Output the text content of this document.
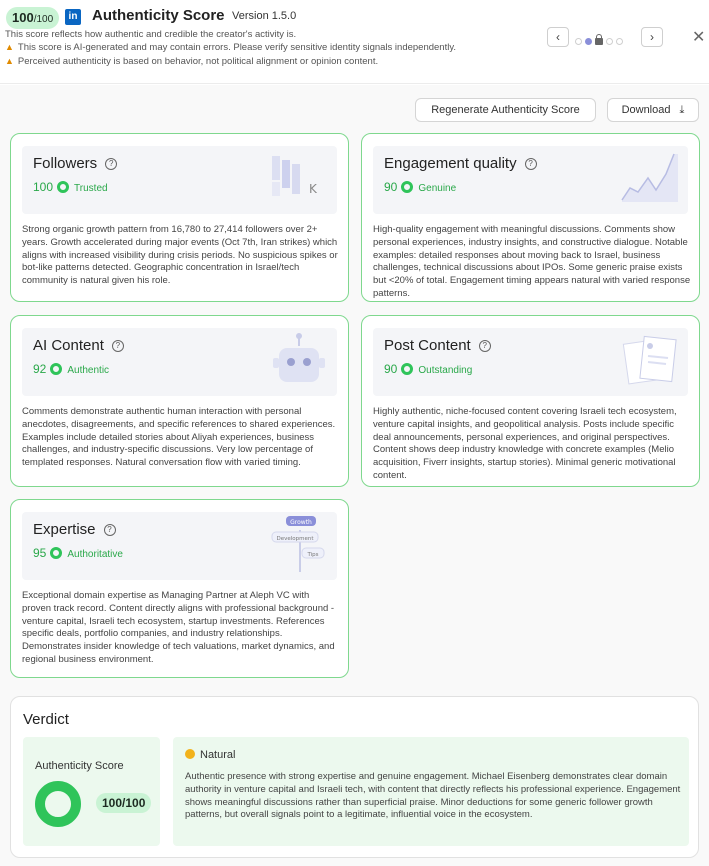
100/100	in Authenticity Score Version 1.5.0
This score reflects how authentic and credible the creator's activity is.
▲ This score is AI-generated and may contain errors. Please verify sensitive identity signals independently.
▲ Perceived authenticity is based on behavior, not political alignment or opinion content.
‹	›	✕
Regenerate Authenticity Score	Download ⤓
Followers ?
100 Trusted	K
Strong organic growth pattern from 16,780 to 27,414 followers over 2+ years. Growth accelerated during major events (Oct 7th, Iran strikes) which aligns with increased visibility during crisis periods. No suspicious spikes or bot-like patterns detected. Geographic concentration in Israel/tech community is natural given his role.
Engagement quality ?
90 Genuine
High-quality engagement with meaningful discussions. Comments show personal experiences, industry insights, and constructive dialogue. Notable examples: detailed responses about moving back to Israel, business challenges, technical discussions about IPOs. Some generic praise exists but <20% of total. Engagement timing appears natural with varied response patterns.
AI Content ?
92 Authentic
Comments demonstrate authentic human interaction with personal anecdotes, disagreements, and specific references to shared experiences. Examples include detailed stories about Aliyah experiences, business challenges, and industry-specific discussions. Very low percentage of templated responses. Natural conversation flow with varied timing.
Post Content ?
90 Outstanding
Highly authentic, niche-focused content covering Israeli tech ecosystem, venture capital insights, and geopolitical analysis. Posts include specific deal announcements, personal experiences, and original perspectives. Content shows deep industry knowledge with concrete examples (Melio acquisition, Fiverr insights, startup stories). Minimal generic motivational content.
Expertise ?
95 Authoritative
Growth
Development
Tips
Exceptional domain expertise as Managing Partner at Aleph VC with proven track record. Content directly aligns with professional background - venture capital, Israeli tech ecosystem, startup investments. References specific deals, portfolio companies, and industry relationships. Demonstrates insider knowledge of tech valuations, market dynamics, and regional business environment.
Verdict
Authenticity Score
100/100
Natural
Authentic presence with strong expertise and genuine engagement. Michael Eisenberg demonstrates clear domain authority in venture capital and Israeli tech, with content that directly reflects his professional experience. Engagement shows meaningful discussions rather than superficial praise. Minor deductions for some generic follower growth patterns, but overall signals point to a legitimate, influential voice in the ecosystem.
